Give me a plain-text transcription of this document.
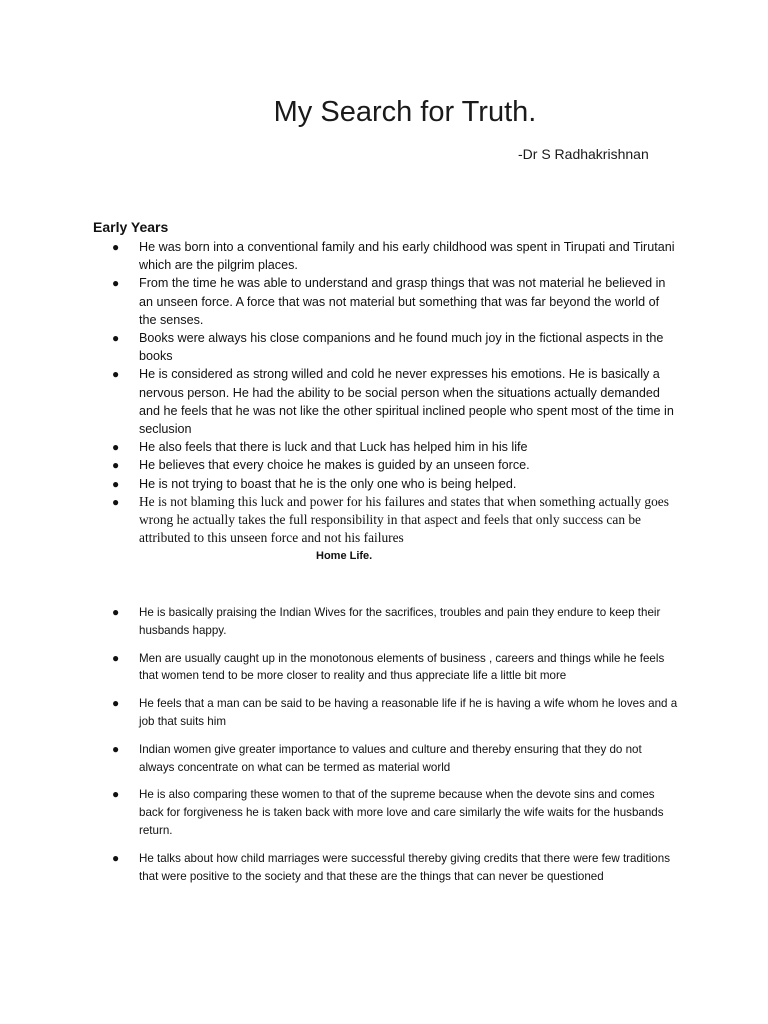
My Search for Truth.
-Dr S Radhakrishnan
Early Years
● He was born into a conventional family and his early childhood was spent in Tirupati and Tirutani which are the pilgrim places.
● From the time he was able to understand and grasp things that was not material he believed in an unseen force. A force that was not material but something that was far beyond the world of the senses.
● Books were always his close companions and he found much joy in the fictional aspects in the books
● He is considered as strong willed and cold he never expresses his emotions. He is basically a nervous person. He had the ability to be social person when the situations actually demanded and he feels that he was not like the other spiritual inclined people who spent most of the time in seclusion
● He also feels that there is luck and that Luck has helped him in his life
● He believes that every choice he makes is guided by an unseen force.
● He is not trying to boast that he is the only one who is being helped.
● He is not blaming this luck and power for his failures and states that when something actually goes wrong he actually takes the full responsibility in that aspect and feels that only success can be attributed to this unseen force and not his failures
Home Life.
● He is basically praising the Indian Wives for the sacrifices, troubles and pain they endure to keep their husbands happy.
● Men are usually caught up in the monotonous elements of business , careers and things while he feels that women tend to be more closer to reality and thus appreciate life a little bit more
● He feels that a man can be said to be having a reasonable life if he is having a wife whom he loves and a job that suits him
● Indian women give greater importance to values and culture and thereby ensuring that they do not always concentrate on what can be termed as material world
● He is also comparing these women to that of the supreme because when the devote sins and comes back for forgiveness he is taken back with more love and care similarly the wife waits for the husbands return.
● He talks about how child marriages were successful thereby giving credits that there were few traditions that were positive to the society and that these are the things that can never be questioned
